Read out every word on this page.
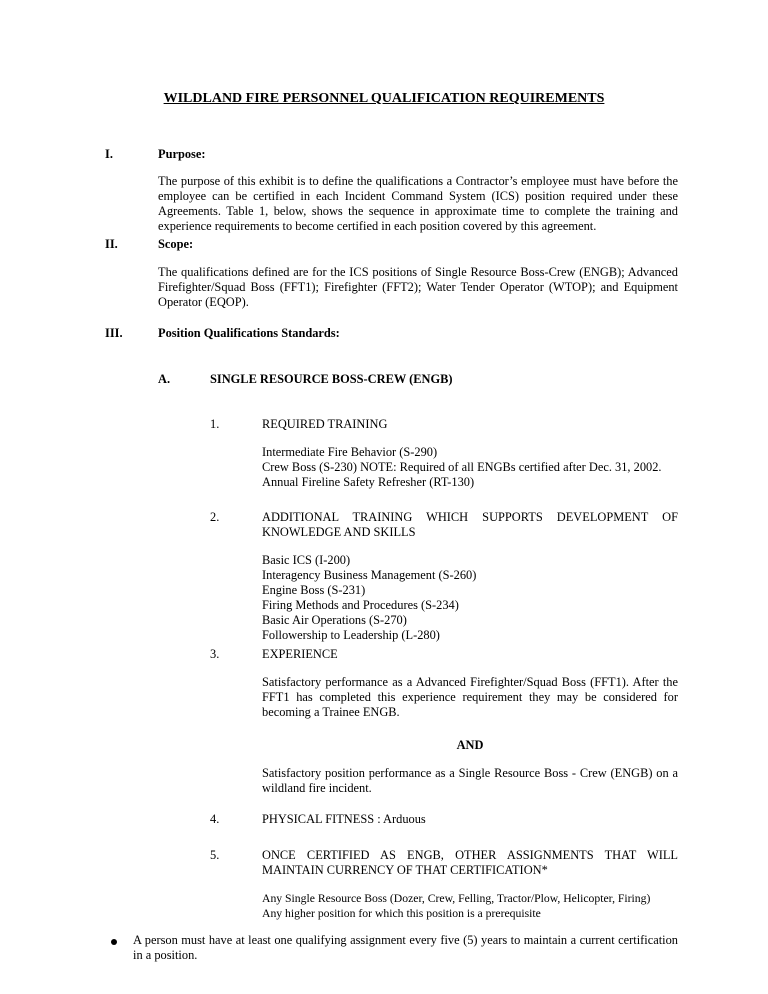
WILDLAND FIRE PERSONNEL QUALIFICATION REQUIREMENTS
I.	Purpose:
The purpose of this exhibit is to define the qualifications a Contractor’s employee must have before the employee can be certified in each Incident Command System (ICS) position required under these Agreements. Table 1, below, shows the sequence in approximate time to complete the training and experience requirements to become certified in each position covered by this agreement.
II.	Scope:
The qualifications defined are for the ICS positions of Single Resource Boss-Crew (ENGB); Advanced Firefighter/Squad Boss (FFT1); Firefighter (FFT2); Water Tender Operator (WTOP); and Equipment Operator (EQOP).
III.	Position Qualifications Standards:
A.	SINGLE RESOURCE BOSS-CREW (ENGB)
1.	REQUIRED TRAINING
Intermediate Fire Behavior (S-290)
Crew Boss (S-230) NOTE: Required of all ENGBs certified after Dec. 31, 2002.
Annual Fireline Safety Refresher (RT-130)
2.	ADDITIONAL TRAINING WHICH SUPPORTS DEVELOPMENT OF KNOWLEDGE AND SKILLS
Basic ICS (I-200)
Interagency Business Management (S-260)
Engine Boss (S-231)
Firing Methods and Procedures (S-234)
Basic Air Operations (S-270)
Followership to Leadership (L-280)
3.	EXPERIENCE
Satisfactory performance as a Advanced Firefighter/Squad Boss (FFT1). After the FFT1 has completed this experience requirement they may be considered for becoming a Trainee ENGB.
AND
Satisfactory position performance as a Single Resource Boss - Crew (ENGB) on a wildland fire incident.
4.	PHYSICAL FITNESS : Arduous
5.	ONCE CERTIFIED AS ENGB, OTHER ASSIGNMENTS THAT WILL MAINTAIN CURRENCY OF THAT CERTIFICATION*
Any Single Resource Boss (Dozer, Crew, Felling, Tractor/Plow, Helicopter, Firing)
Any higher position for which this position is a prerequisite
A person must have at least one qualifying assignment every five (5) years to maintain a current certification in a position.
